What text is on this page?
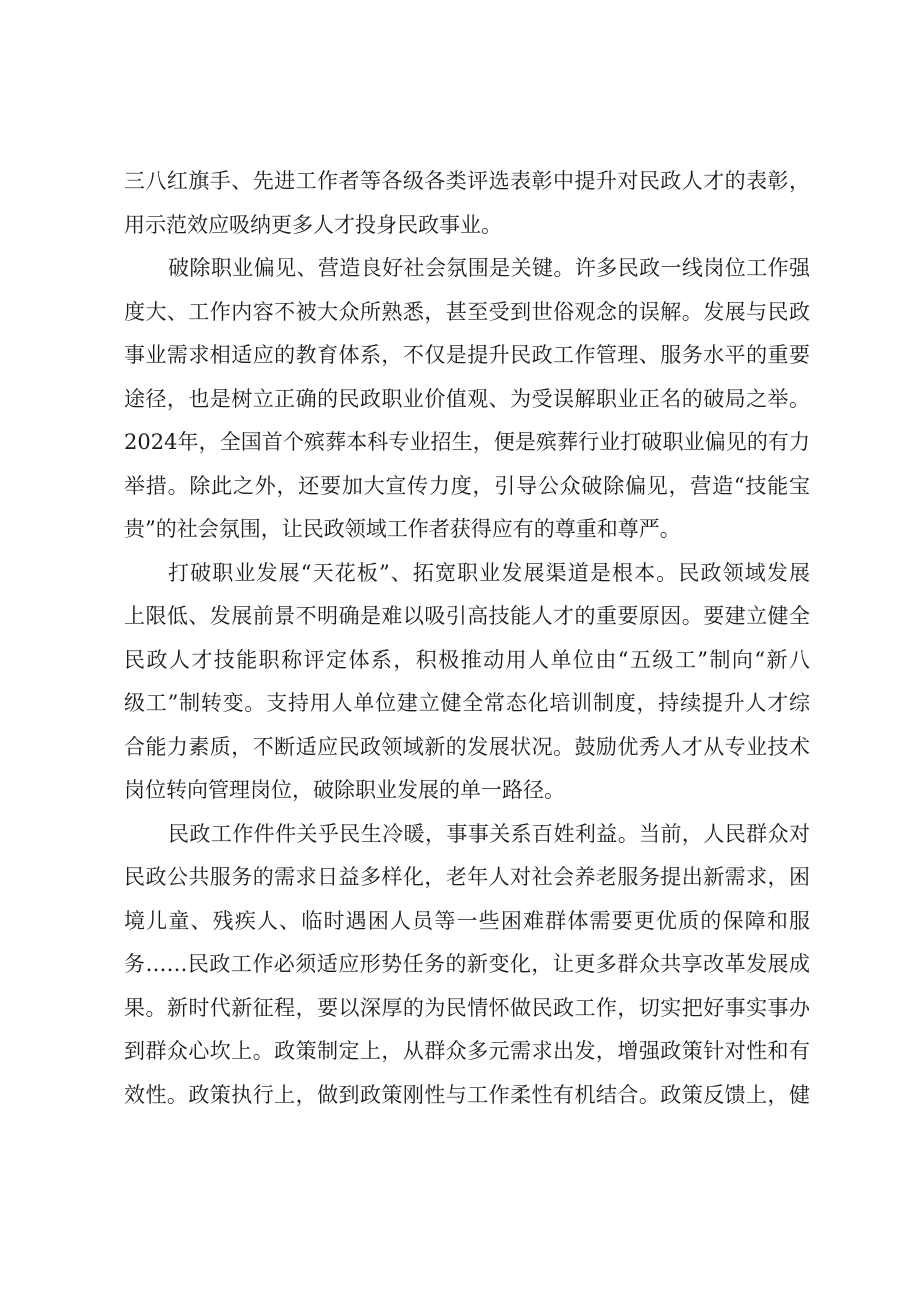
三八红旗手、先进工作者等各级各类评选表彰中提升对民政人才的表彰，
用示范效应吸纳更多人才投身民政事业。
破除职业偏见、营造良好社会氛围是关键。许多民政一线岗位工作强
度大、工作内容不被大众所熟悉，甚至受到世俗观念的误解。发展与民政
事业需求相适应的教育体系，不仅是提升民政工作管理、服务水平的重要
途径，也是树立正确的民政职业价值观、为受误解职业正名的破局之举。
2024年，全国首个殡葬本科专业招生，便是殡葬行业打破职业偏见的有力
举措。除此之外，还要加大宣传力度，引导公众破除偏见，营造“技能宝
贵”的社会氛围，让民政领域工作者获得应有的尊重和尊严。
打破职业发展“天花板”、拓宽职业发展渠道是根本。民政领域发展
上限低、发展前景不明确是难以吸引高技能人才的重要原因。要建立健全
民政人才技能职称评定体系，积极推动用人单位由“五级工”制向“新八
级工”制转变。支持用人单位建立健全常态化培训制度，持续提升人才综
合能力素质，不断适应民政领域新的发展状况。鼓励优秀人才从专业技术
岗位转向管理岗位，破除职业发展的单一路径。
民政工作件件关乎民生冷暖，事事关系百姓利益。当前，人民群众对
民政公共服务的需求日益多样化，老年人对社会养老服务提出新需求，困
境儿童、残疾人、临时遇困人员等一些困难群体需要更优质的保障和服
务……民政工作必须适应形势任务的新变化，让更多群众共享改革发展成
果。新时代新征程，要以深厚的为民情怀做民政工作，切实把好事实事办
到群众心坎上。政策制定上，从群众多元需求出发，增强政策针对性和有
效性。政策执行上，做到政策刚性与工作柔性有机结合。政策反馈上，健
